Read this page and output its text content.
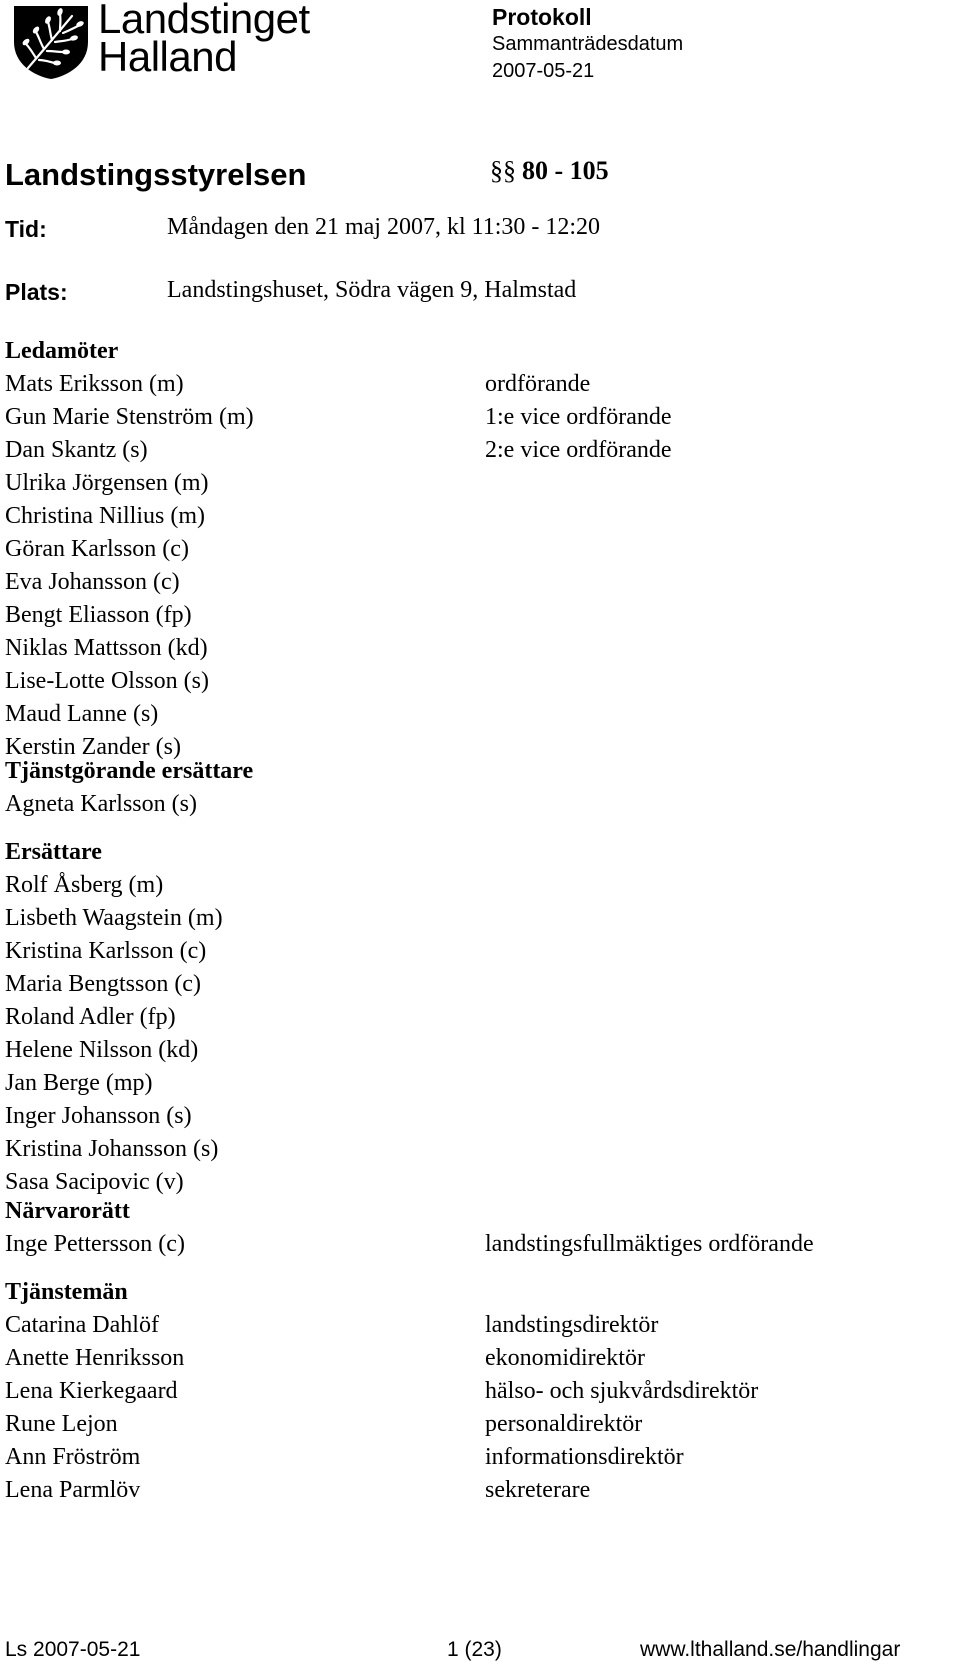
Landstinget
Halland
Protokoll
Sammanträdesdatum
2007-05-21
Landstingsstyrelsen	§§ 80 - 105
Tid:	Måndagen den 21 maj 2007, kl 11:30 - 12:20
Plats:	Landstingshuset, Södra vägen 9, Halmstad
Ledamöter
Mats Eriksson (m)	ordförande
Gun Marie Stenström (m)	1:e vice ordförande
Dan Skantz (s)	2:e vice ordförande
Ulrika Jörgensen (m)
Christina Nillius (m)
Göran Karlsson (c)
Eva Johansson (c)
Bengt Eliasson (fp)
Niklas Mattsson (kd)
Lise-Lotte Olsson (s)
Maud Lanne (s)
Kerstin Zander (s)
Tjänstgörande ersättare
Agneta Karlsson (s)
Ersättare
Rolf Åsberg (m)
Lisbeth Waagstein (m)
Kristina Karlsson (c)
Maria Bengtsson (c)
Roland Adler (fp)
Helene Nilsson (kd)
Jan Berge (mp)
Inger Johansson (s)
Kristina Johansson (s)
Sasa Sacipovic (v)
Närvarorätt
Inge Pettersson (c)	landstingsfullmäktiges ordförande
Tjänstemän
Catarina Dahlöf	landstingsdirektör
Anette Henriksson	ekonomidirektör
Lena Kierkegaard	hälso- och sjukvårdsdirektör
Rune Lejon	personaldirektör
Ann Fröström	informationsdirektör
Lena Parmlöv	sekreterare
Ls 2007-05-21	1 (23)	www.lthalland.se/handlingar
